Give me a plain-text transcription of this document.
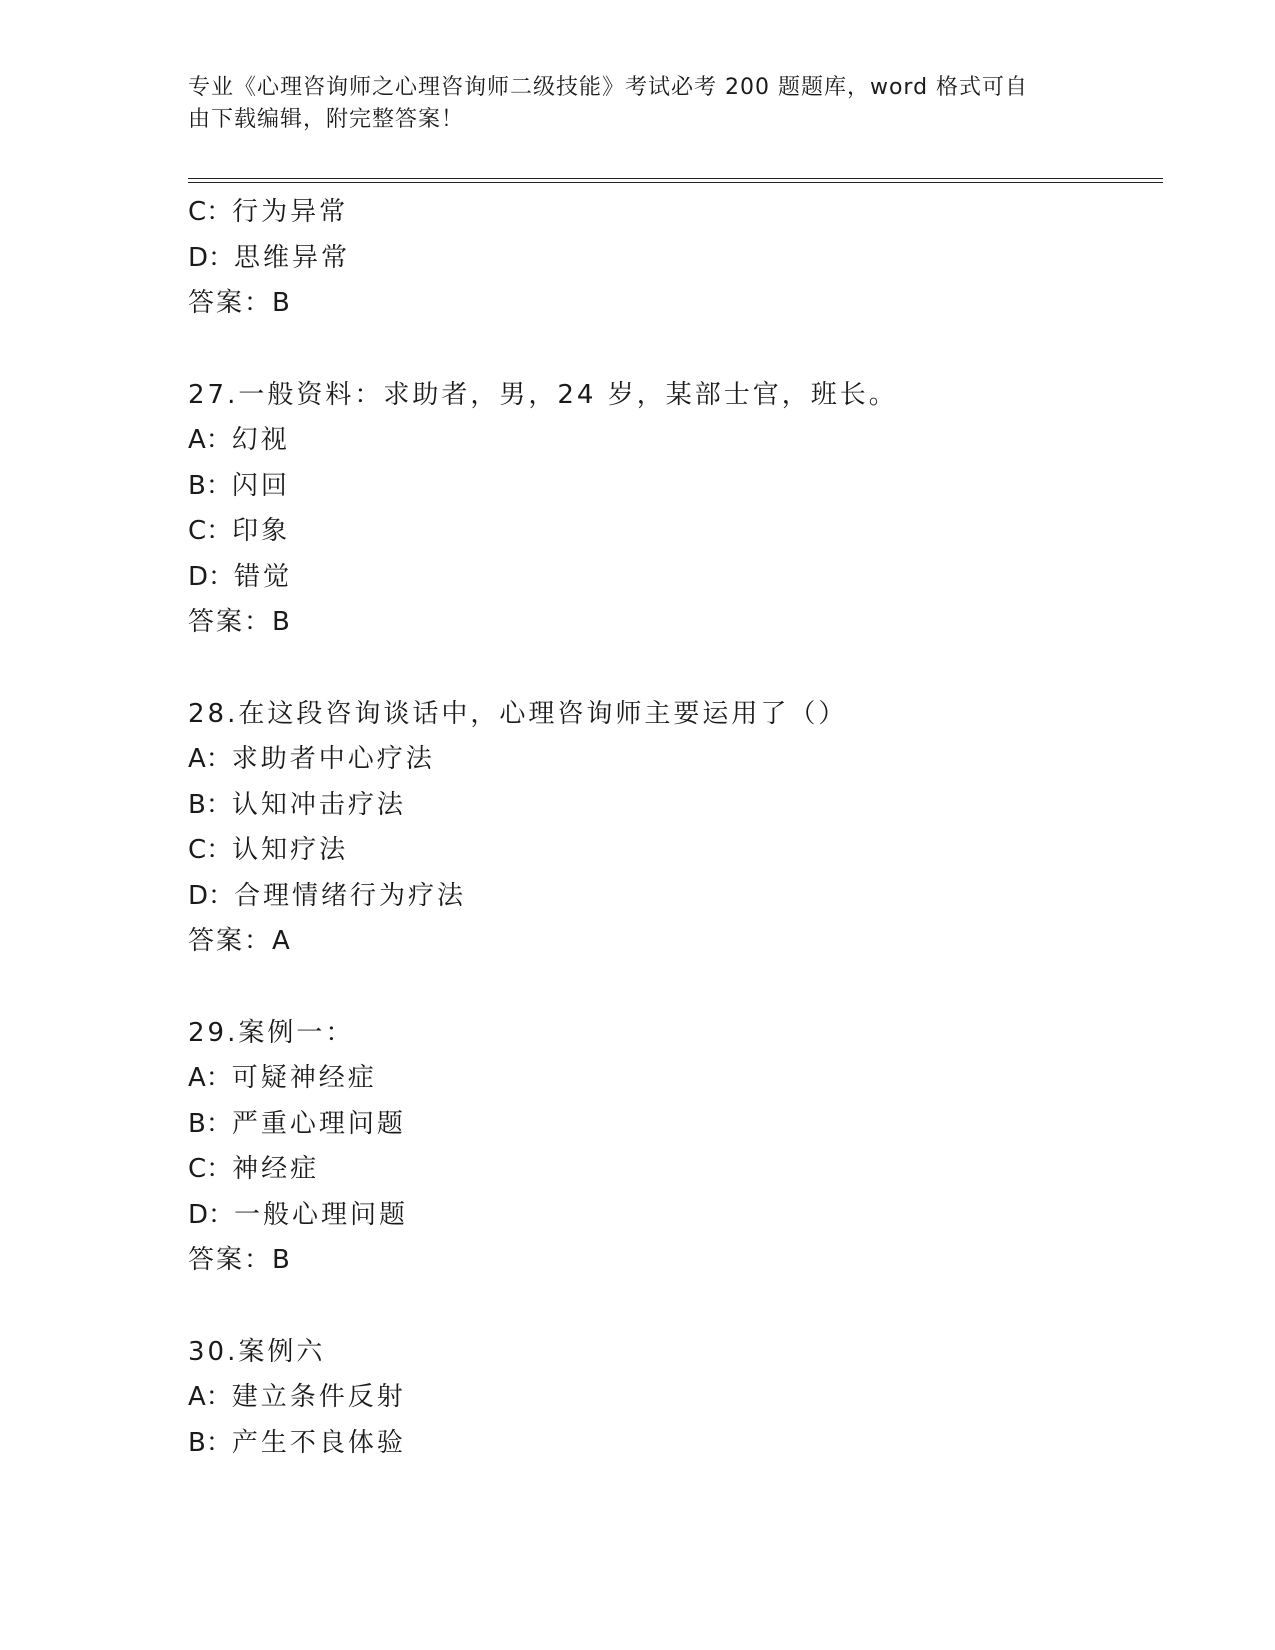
专业《心理咨询师之心理咨询师二级技能》考试必考 200 题题库，word 格式可自
由下载编辑，附完整答案！
C：行为异常
D：思维异常
答案：B
27.一般资料：求助者，男，24 岁，某部士官，班长。
A：幻视
B：闪回
C：印象
D：错觉
答案：B
28.在这段咨询谈话中，心理咨询师主要运用了（）
A：求助者中心疗法
B：认知冲击疗法
C：认知疗法
D：合理情绪行为疗法
答案：A
29.案例一：
A：可疑神经症
B：严重心理问题
C：神经症
D：一般心理问题
答案：B
30.案例六
A：建立条件反射
B：产生不良体验
